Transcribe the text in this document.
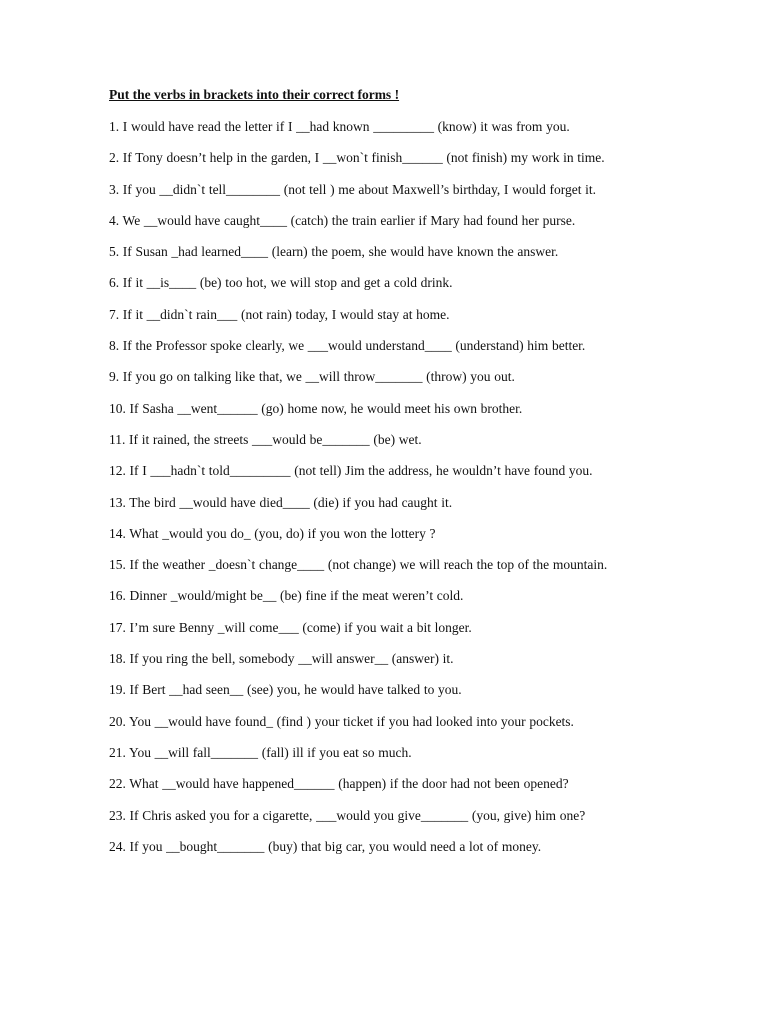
Put the verbs in brackets into their correct forms !

1. I would have read the letter if I __had known _________ (know) it was from you.

2. If Tony doesn’t help in the garden, I __won`t finish______ (not finish) my work in time.

3. If you __didn`t tell________ (not tell ) me about Maxwell’s birthday, I would forget it.

4. We __would have caught____ (catch) the train earlier if Mary had found her purse.

5. If Susan _had learned____ (learn) the poem, she would have known the answer.

6. If it __is____ (be) too hot, we will stop and get a cold drink.

7. If it __didn`t rain___ (not rain) today, I would stay at home.

8. If the Professor spoke clearly, we ___would understand____ (understand) him better.

9. If you go on talking like that, we __will throw_______ (throw) you out.

10. If Sasha __went______ (go) home now, he would meet his own brother.

11. If it rained, the streets ___would be_______ (be) wet.

12. If I ___hadn`t told_________ (not tell) Jim the address, he wouldn’t have found you.

13. The bird __would have died____ (die) if you had caught it.

14. What _would you do_ (you, do) if you won the lottery ?

15. If the weather _doesn`t change____ (not change) we will reach the top of the mountain.

16. Dinner _would/might be__ (be) fine if the meat weren’t cold.

17. I’m sure Benny _will come___ (come) if you wait a bit longer.

18. If you ring the bell, somebody __will answer__ (answer) it.

19. If Bert __had seen__ (see) you, he would have talked to you.

20. You __would have found_ (find ) your ticket if you had looked into your pockets.

21. You __will fall_______ (fall) ill if you eat so much.

22. What __would have happened______ (happen) if the door had not been opened?

23. If Chris asked you for a cigarette, ___would you give_______ (you, give) him one?

24. If you __bought_______ (buy) that big car, you would need a lot of money.
